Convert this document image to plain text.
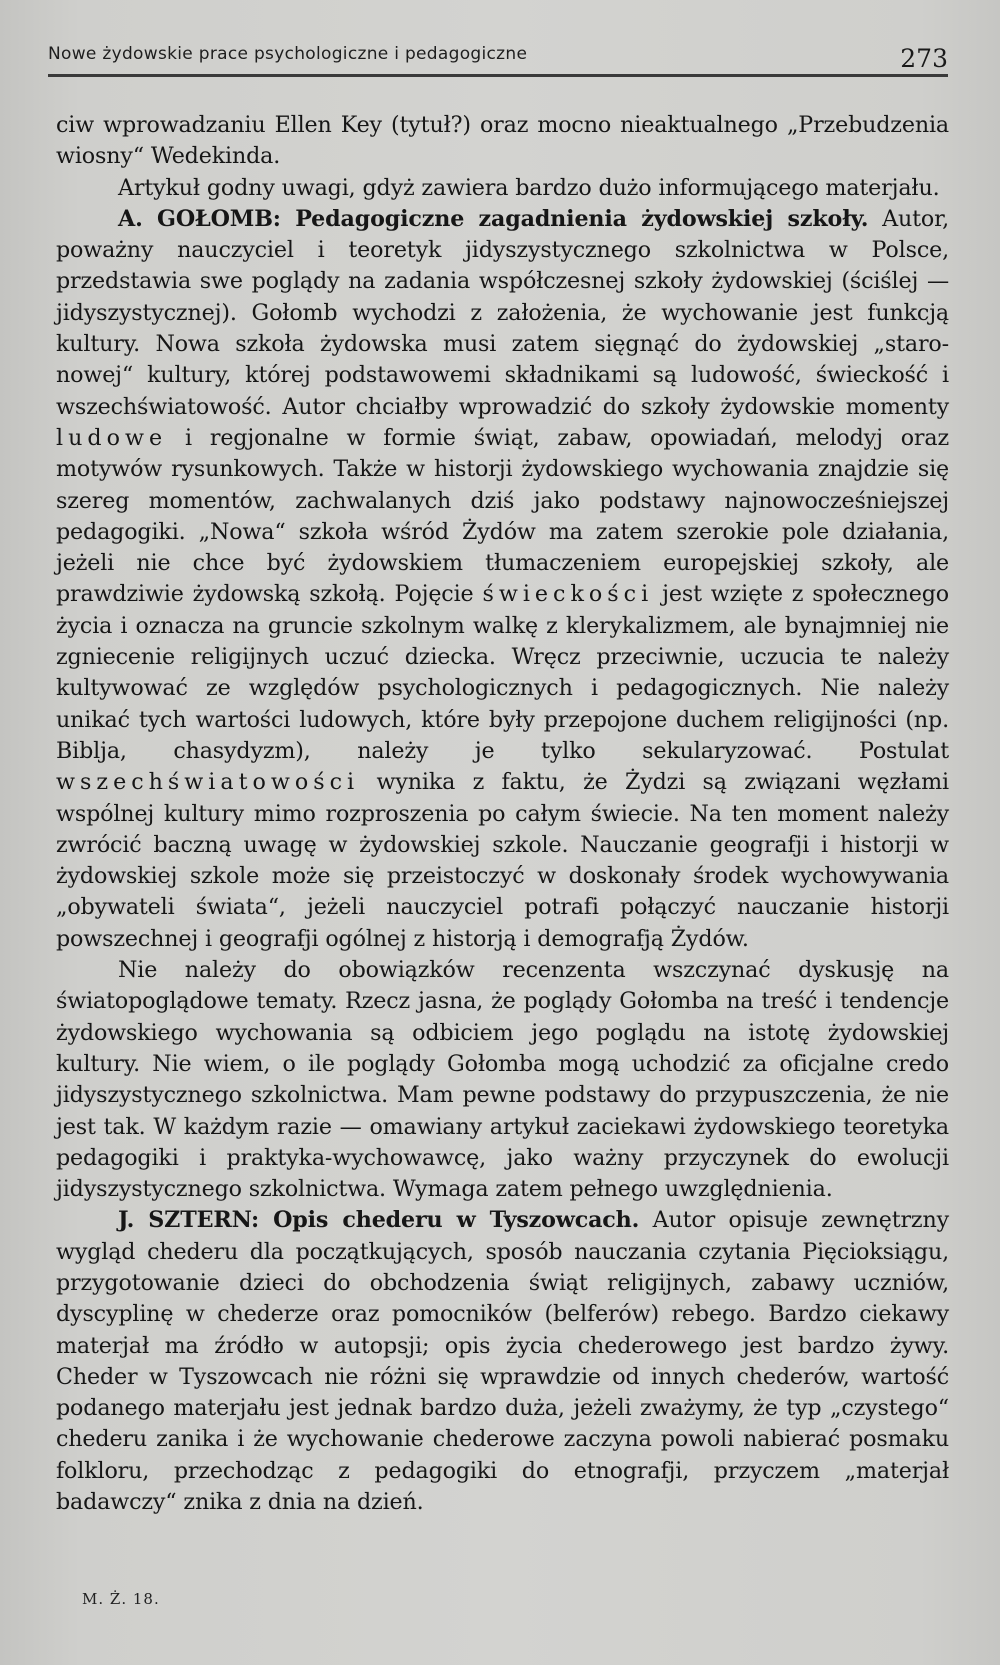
Nowe żydowskie prace psychologiczne i pedagogiczne	273

ciw wprowadzaniu Ellen Key (tytuł?) oraz mocno nieaktualnego „Przebudzenia wiosny“ Wedekinda.

Artykuł godny uwagi, gdyż zawiera bardzo dużo informującego materjału.

A. GOŁOMB: Pedagogiczne zagadnienia żydowskiej szkoły. Autor, poważny nauczyciel i teoretyk jidyszystycznego szkolnictwa w Polsce, przedstawia swe poglądy na zadania współczesnej szkoły żydowskiej (ściślej — jidyszystycznej). Gołomb wychodzi z założenia, że wychowanie jest funkcją kultury. Nowa szkoła żydowska musi zatem sięgnąć do żydowskiej „staro-nowej“ kultury, której podstawowemi składnikami są ludowość, świeckość i wszechświatowość. Autor chciałby wprowadzić do szkoły żydowskie momenty ludowe i regjonalne w formie świąt, zabaw, opowiadań, melodyj oraz motywów rysunkowych. Także w historji żydowskiego wychowania znajdzie się szereg momentów, zachwalanych dziś jako podstawy najnowocześniejszej pedagogiki. „Nowa“ szkoła wśród Żydów ma zatem szerokie pole działania, jeżeli nie chce być żydowskiem tłumaczeniem europejskiej szkoły, ale prawdziwie żydowską szkołą. Pojęcie świeckości jest wzięte z społecznego życia i oznacza na gruncie szkolnym walkę z klerykalizmem, ale bynajmniej nie zgniecenie religijnych uczuć dziecka. Wręcz przeciwnie, uczucia te należy kultywować ze względów psychologicznych i pedagogicznych. Nie należy unikać tych wartości ludowych, które były przepojone duchem religijności (np. Biblja, chasydyzm), należy je tylko sekularyzować. Postulat wszechświatowości wynika z faktu, że Żydzi są związani węzłami wspólnej kultury mimo rozproszenia po całym świecie. Na ten moment należy zwrócić baczną uwagę w żydowskiej szkole. Nauczanie geografji i historji w żydowskiej szkole może się przeistoczyć w doskonały środek wychowywania „obywateli świata“, jeżeli nauczyciel potrafi połączyć nauczanie historji powszechnej i geografji ogólnej z historją i demografją Żydów.

Nie należy do obowiązków recenzenta wszczynać dyskusję na światopoglądowe tematy. Rzecz jasna, że poglądy Gołomba na treść i tendencje żydowskiego wychowania są odbiciem jego poglądu na istotę żydowskiej kultury. Nie wiem, o ile poglądy Gołomba mogą uchodzić za oficjalne credo jidyszystycznego szkolnictwa. Mam pewne podstawy do przypuszczenia, że nie jest tak. W każdym razie — omawiany artykuł zaciekawi żydowskiego teoretyka pedagogiki i praktyka-wychowawcę, jako ważny przyczynek do ewolucji jidyszystycznego szkolnictwa. Wymaga zatem pełnego uwzględnienia.

J. SZTERN: Opis chederu w Tyszowcach. Autor opisuje zewnętrzny wygląd chederu dla początkujących, sposób nauczania czytania Pięcioksiągu, przygotowanie dzieci do obchodzenia świąt religijnych, zabawy uczniów, dyscyplinę w chederze oraz pomocników (belferów) rebego. Bardzo ciekawy materjał ma źródło w autopsji; opis życia chederowego jest bardzo żywy. Cheder w Tyszowcach nie różni się wprawdzie od innych chederów, wartość podanego materjału jest jednak bardzo duża, jeżeli zważymy, że typ „czystego“ chederu zanika i że wychowanie chederowe zaczyna powoli nabierać posmaku folkloru, przechodząc z pedagogiki do etnografji, przyczem „materjał badawczy“ znika z dnia na dzień.

M. Ż. 18.
